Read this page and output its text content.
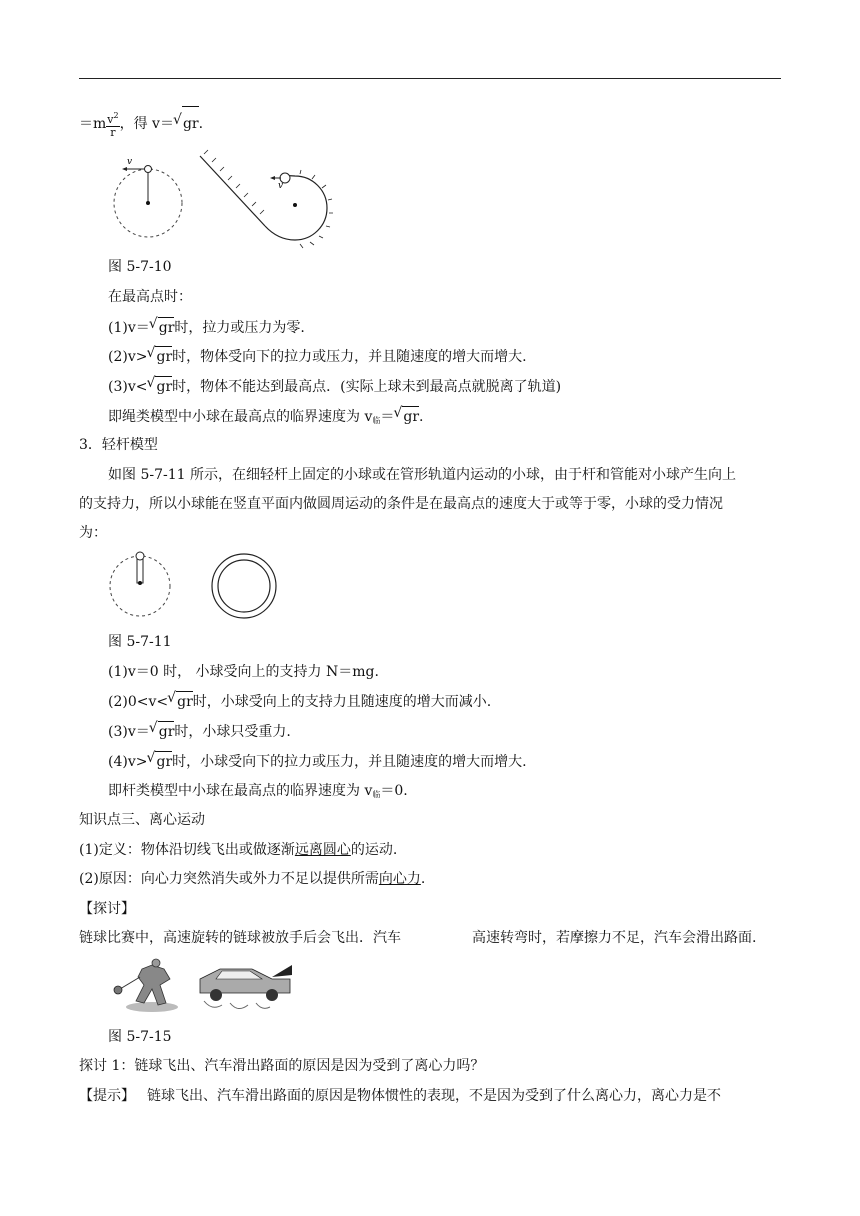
$=m \frac{v^2}{r}$ ，得 v＝√ gr.
v
v
图 5-7-10
在最高点时：
(1)v＝√ gr时，拉力或压力为零.
(2)v>√ gr时，物体受向下的拉力或压力，并且随速度的增大而增大.
(3)v<√ gr时，物体不能达到最高点．(实际上球未到最高点就脱离了轨道)
即绳类模型中小球在最高点的临界速度为 $v_临=√$ gr.
3．轻杆模型
如图 5-7-11 所示，在细轻杆上固定的小球或在管形轨道内运动的小球，由于杆和管能对小球产生向上
的支持力，所以小球能在竖直平面内做圆周运动的条件是在最高点的速度大于或等于零，小球的受力情况
为：
图 5-7-11
(1)v＝0 时， 小球受向上的支持力 N＝mg.
(2)0<v<√ gr时，小球受向上的支持力且随速度的增大而减小.
(3)v＝√ gr时，小球只受重力.
(4)v>√ gr时，小球受向下的拉力或压力，并且随速度的增大而增大.
即杆类模型中小球在最高点的临界速度为 $v_临=0$.
知识点三、离心运动
(1)定义：物体沿切线飞出或做逐渐远离圆心的运动.
(2)原因：向心力突然消失或外力不足以提供所需向心力.
【探讨】
链球比赛中，高速旋转的链球被放手后会飞出．汽车	高速转弯时，若摩擦力不足，汽车会滑出路面.
图 5-7-15
探讨 1：链球飞出、汽车滑出路面的原因是因为受到了离心力吗？
【提示】 链球飞出、汽车滑出路面的原因是物体惯性的表现，不是因为受到了什么离心力，离心力是不
